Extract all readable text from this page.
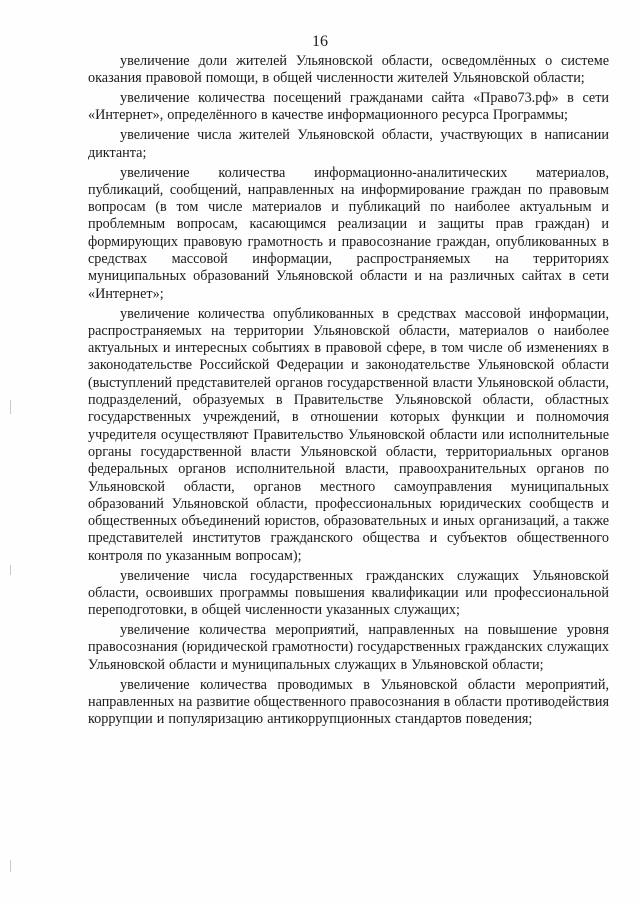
16

увеличение доли жителей Ульяновской области, осведомлённых о системе оказания правовой помощи, в общей численности жителей Ульяновской области;

увеличение количества посещений гражданами сайта «Право73.рф» в сети «Интернет», определённого в качестве информационного ресурса Программы;

увеличение числа жителей Ульяновской области, участвующих в написании диктанта;

увеличение количества информационно-аналитических материалов, публикаций, сообщений, направленных на информирование граждан по правовым вопросам (в том числе материалов и публикаций по наиболее актуальным и проблемным вопросам, касающимся реализации и защиты прав граждан) и формирующих правовую грамотность и правосознание граждан, опубликованных в средствах массовой информации, распространяемых на территориях муниципальных образований Ульяновской области и на различных сайтах в сети «Интернет»;

увеличение количества опубликованных в средствах массовой информации, распространяемых на территории Ульяновской области, материалов о наиболее актуальных и интересных событиях в правовой сфере, в том числе об изменениях в законодательстве Российской Федерации и законодательстве Ульяновской области (выступлений представителей органов государственной власти Ульяновской области, подразделений, образуемых в Правительстве Ульяновской области, областных государственных учреждений, в отношении которых функции и полномочия учредителя осуществляют Правительство Ульяновской области или исполнительные органы государственной власти Ульяновской области, территориальных органов федеральных органов исполнительной власти, правоохранительных органов по Ульяновской области, органов местного самоуправления муниципальных образований Ульяновской области, профессиональных юридических сообществ и общественных объединений юристов, образовательных и иных организаций, а также представителей институтов гражданского общества и субъектов общественного контроля по указанным вопросам);

увеличение числа государственных гражданских служащих Ульяновской области, освоивших программы повышения квалификации или профессиональной переподготовки, в общей численности указанных служащих;

увеличение количества мероприятий, направленных на повышение уровня правосознания (юридической грамотности) государственных гражданских служащих Ульяновской области и муниципальных служащих в Ульяновской области;

увеличение количества проводимых в Ульяновской области мероприятий, направленных на развитие общественного правосознания в области противодействия коррупции и популяризацию антикоррупционных стандартов поведения;
